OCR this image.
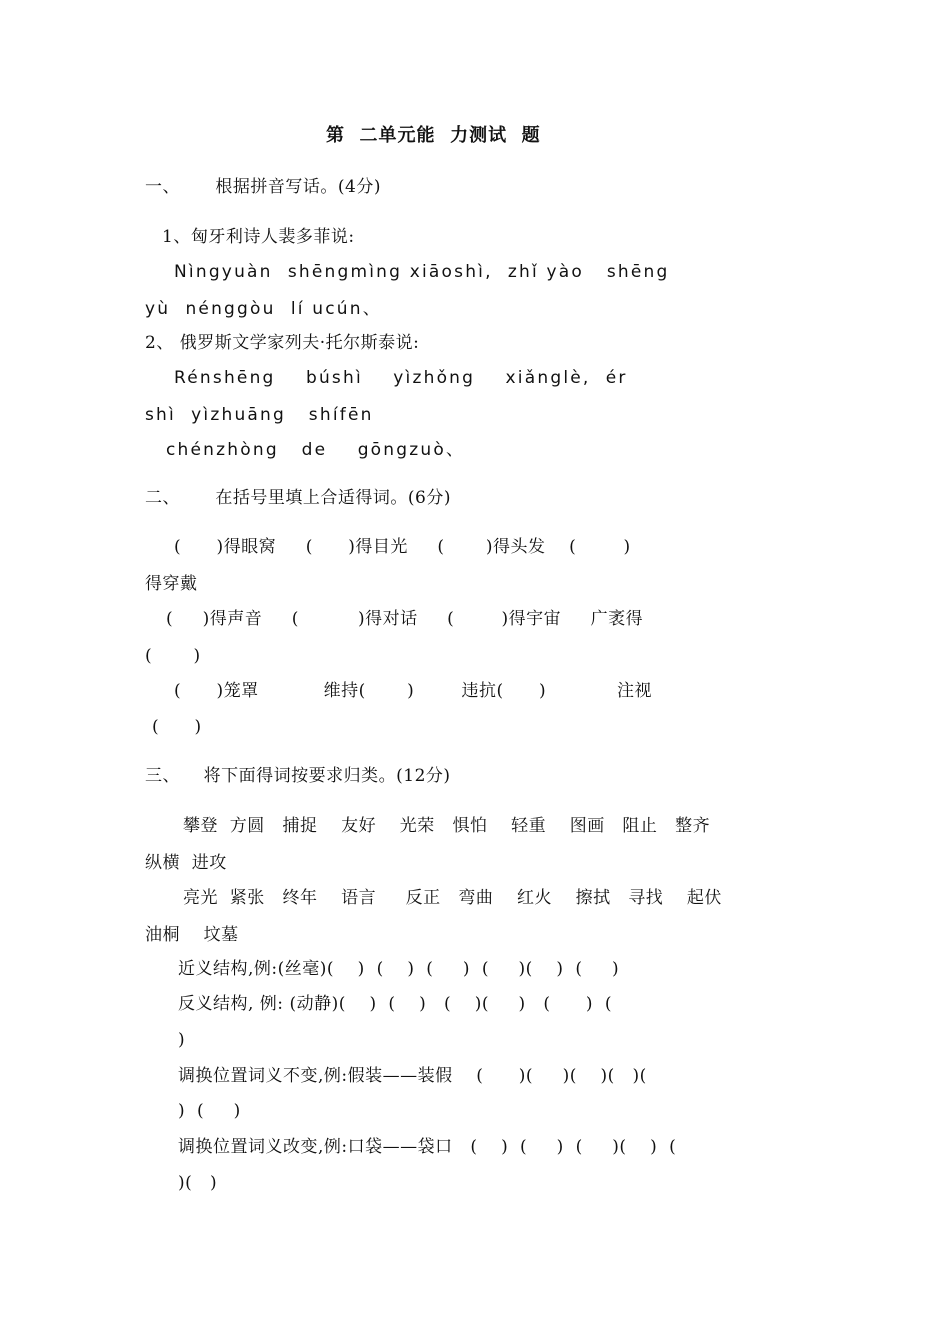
第  二单元能  力测试  题
一、      根据拼音写话。(4分)
1、匈牙利诗人裴多菲说:
Nìngyuàn  shēngmìng xiāoshì,  zhǐ yào   shēng
yù  nénggòu  lí ucún、
2、 俄罗斯文学家列夫·托尔斯泰说:
Rénshēng    búshì    yìzhǒng    xiǎnglè,  ér
shì  yìzhuāng   shífēn
chénzhòng   de    gōngzuò、
二、      在括号里填上合适得词。(6分)
(      )得眼窝     (      )得目光     (       )得头发    (        )
得穿戴
(     )得声音     (          )得对话     (        )得宇宙     广袤得
(       )
(      )笼罩           维持(       )        违抗(      )            注视
(      )
三、    将下面得词按要求归类。(12分)
攀登  方圆   捕捉    友好    光荣   惧怕    轻重    图画   阻止   整齐
纵横  进攻
亮光  紧张   终年    语言     反正   弯曲    红火    擦拭   寻找    起伏
油桐    坟墓
近义结构,例:(丝毫)(    )  (    )  (     )  (     )(    )  (     )
反义结构, 例: (动静)(    )  (    )   (    )(     )   (      )  (
)
调换位置词义不变,例:假装——装假    (      )(     )(    )(   )(
)  (     )
调换位置词义改变,例:口袋——袋口   (    )  (     )  (     )(    )  (
)(   )
